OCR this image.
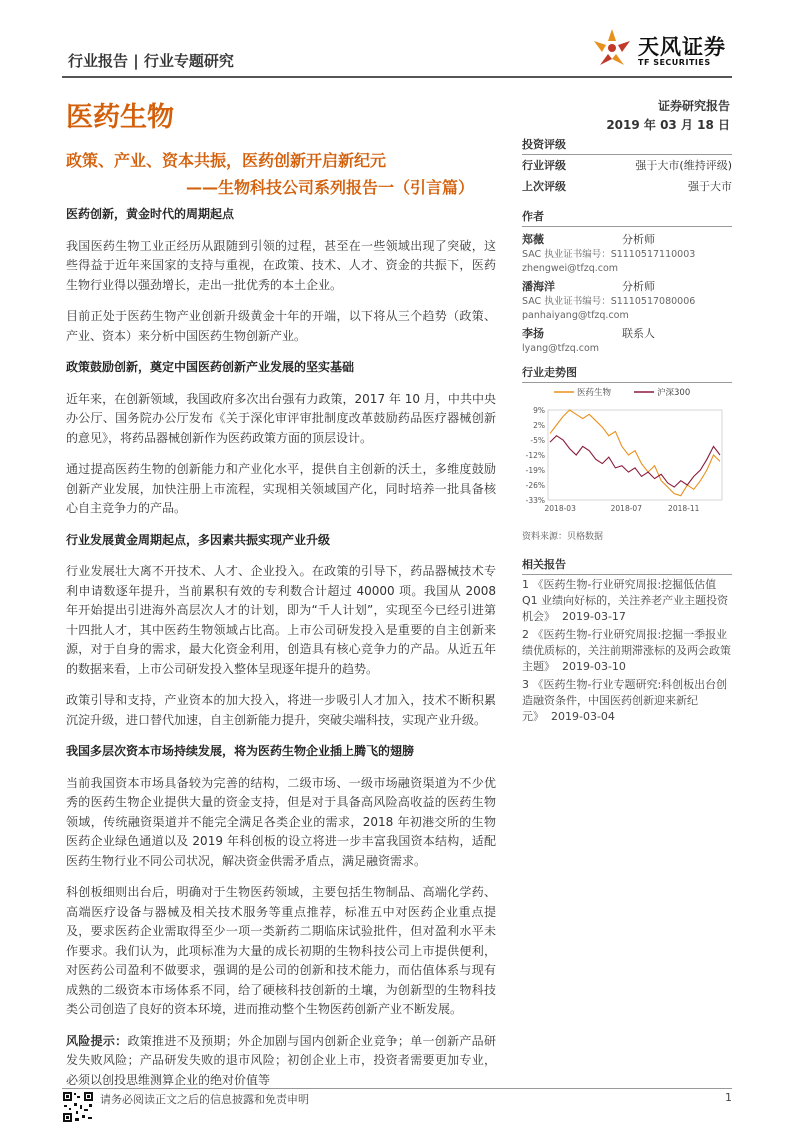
行业报告 | 行业专题研究
天风证券
TF SECURITIES
医药生物	证券研究报告
2019 年 03 月 18 日
政策、产业、资本共振，医药创新开启新纪元
——生物科技公司系列报告一（引言篇）
医药创新，黄金时代的周期起点

我国医药生物工业正经历从跟随到引领的过程，甚至在一些领域出现了突破，这些得益于近年来国家的支持与重视，在政策、技术、人才、资金的共振下，医药生物行业得以强劲增长，走出一批优秀的本土企业。

目前正处于医药生物产业创新升级黄金十年的开端，以下将从三个趋势（政策、产业、资本）来分析中国医药生物创新产业。

政策鼓励创新，奠定中国医药创新产业发展的坚实基础

近年来，在创新领域，我国政府多次出台强有力政策，2017 年 10 月，中共中央办公厅、国务院办公厅发布《关于深化审评审批制度改革鼓励药品医疗器械创新的意见》，将药品器械创新作为医药政策方面的顶层设计。

通过提高医药生物的创新能力和产业化水平，提供自主创新的沃土，多维度鼓励创新产业发展，加快注册上市流程，实现相关领域国产化，同时培养一批具备核心自主竞争力的产品。

行业发展黄金周期起点，多因素共振实现产业升级

行业发展壮大离不开技术、人才、企业投入。在政策的引导下，药品器械技术专利申请数逐年提升，当前累积有效的专利数合计超过 40000 项。我国从 2008 年开始提出引进海外高层次人才的计划，即为“千人计划”，实现至今已经引进第十四批人才，其中医药生物领域占比高。上市公司研发投入是重要的自主创新来源，对于自身的需求，最大化资金利用，创造具有核心竞争力的产品。从近五年的数据来看，上市公司研发投入整体呈现逐年提升的趋势。

政策引导和支持，产业资本的加大投入，将进一步吸引人才加入，技术不断积累沉淀升级，进口替代加速，自主创新能力提升，突破尖端科技，实现产业升级。

我国多层次资本市场持续发展，将为医药生物企业插上腾飞的翅膀

当前我国资本市场具备较为完善的结构，二级市场、一级市场融资渠道为不少优秀的医药生物企业提供大量的资金支持，但是对于具备高风险高收益的医药生物领域，传统融资渠道并不能完全满足各类企业的需求，2018 年初港交所的生物医药企业绿色通道以及 2019 年科创板的设立将进一步丰富我国资本结构，适配医药生物行业不同公司状况，解决资金供需矛盾点，满足融资需求。

科创板细则出台后，明确对于生物医药领域，主要包括生物制品、高端化学药、高端医疗设备与器械及相关技术服务等重点推荐，标准五中对医药企业重点提及，要求医药企业需取得至少一项一类新药二期临床试验批件，但对盈利水平未作要求。我们认为，此项标准为大量的成长初期的生物科技公司上市提供便利，对医药公司盈利不做要求，强调的是公司的创新和技术能力，而估值体系与现有成熟的二级资本市场体系不同，给了硬核科技创新的土壤，为创新型的生物科技类公司创造了良好的资本环境，进而推动整个生物医药创新产业不断发展。

风险提示：政策推进不及预期；外企加剧与国内创新企业竞争；单一创新产品研发失败风险；产品研发失败的退市风险；初创企业上市，投资者需要更加专业，必须以创投思维测算企业的绝对价值等

投资评级
行业评级	强于大市(维持评级)
上次评级	强于大市
作者
郑薇	分析师
SAC 执业证书编号：S1110517110003
zhengwei@tfzq.com
潘海洋	分析师
SAC 执业证书编号：S1110517080006
panhaiyang@tfzq.com
李扬	联系人
lyang@tfzq.com
行业走势图
医药生物	沪深300
9%
2%
-5%
-12%
-19%
-26%
-33%
2018-03	2018-07	2018-11
资料来源：贝格数据
相关报告
1 《医药生物-行业研究周报:挖掘低估值 Q1 业绩向好标的，关注养老产业主题投资机会》 2019-03-17
2 《医药生物-行业研究周报:挖掘一季报业绩优质标的，关注前期滞涨标的及两会政策主题》 2019-03-10
3 《医药生物-行业专题研究:科创板出台创造融资条件，中国医药创新迎来新纪元》 2019-03-04
请务必阅读正文之后的信息披露和免责申明	1
